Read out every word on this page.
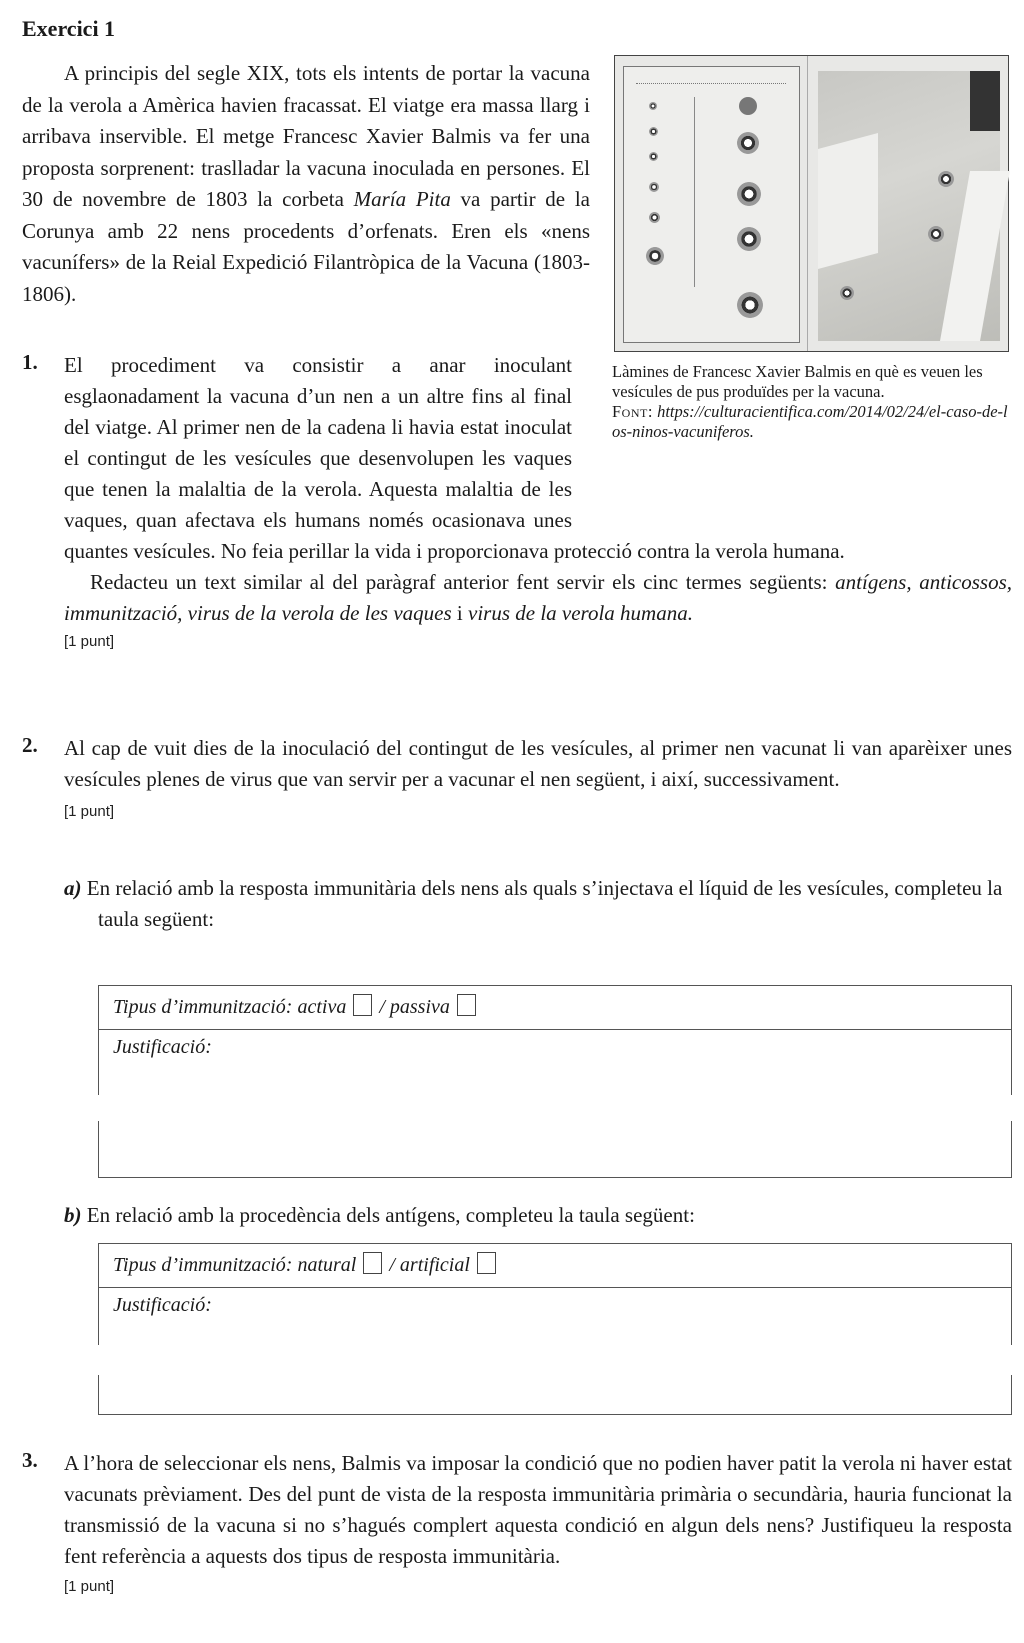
Exercici 1

A principis del segle XIX, tots els intents de portar la vacuna de la verola a Amèrica havien fracassat. El viatge era massa llarg i arribava inservible. El metge Francesc Xavier Balmis va fer una proposta sorprenent: traslladar la vacuna inoculada en persones. El 30 de novembre de 1803 la corbeta María Pita va partir de la Corunya amb 22 nens procedents d’orfenats. Eren els «nens vacunífers» de la Reial Expedició Filantròpica de la Vacuna (1803-1806).

Làmines de Francesc Xavier Balmis en què es veuen les vesícules de pus produïdes per la vacuna.
Font: https://culturacientifica.com/2014/02/24/el-caso-de-los-ninos-vacuniferos.

1. El procediment va consistir a anar inoculant esglaonadament la vacuna d’un nen a un altre fins al final del viatge. Al primer nen de la cadena li havia estat inoculat el contingut de les vesícules que desenvolupen les vaques que tenen la malaltia de la verola. Aquesta malaltia de les vaques, quan afectava els humans només ocasionava unes quantes vesícules. No feia perillar la vida i proporcionava protecció contra la verola humana.

Redacteu un text similar al del paràgraf anterior fent servir els cinc termes següents: antígens, anticossos, immunització, virus de la verola de les vaques i virus de la verola humana.

[1 punt]
2. Al cap de vuit dies de la inoculació del contingut de les vesícules, al primer nen vacunat li van aparèixer unes vesícules plenes de virus que van servir per a vacunar el nen següent, i així, successivament.

[1 punt]

a) En relació amb la resposta immunitària dels nens als quals s’injectava el líquid de les vesícules, completeu la taula següent:

Tipus d’immunització: activa / passiva
Justificació:

b) En relació amb la procedència dels antígens, completeu la taula següent:

Tipus d’immunització: natural / artificial
Justificació:
3. A l’hora de seleccionar els nens, Balmis va imposar la condició que no podien haver patit la verola ni haver estat vacunats prèviament. Des del punt de vista de la resposta immunitària primària o secundària, hauria funcionat la transmissió de la vacuna si no s’hagués complert aquesta condició en algun dels nens? Justifiqueu la resposta fent referència a aquests dos tipus de resposta immunitària.

[1 punt]
